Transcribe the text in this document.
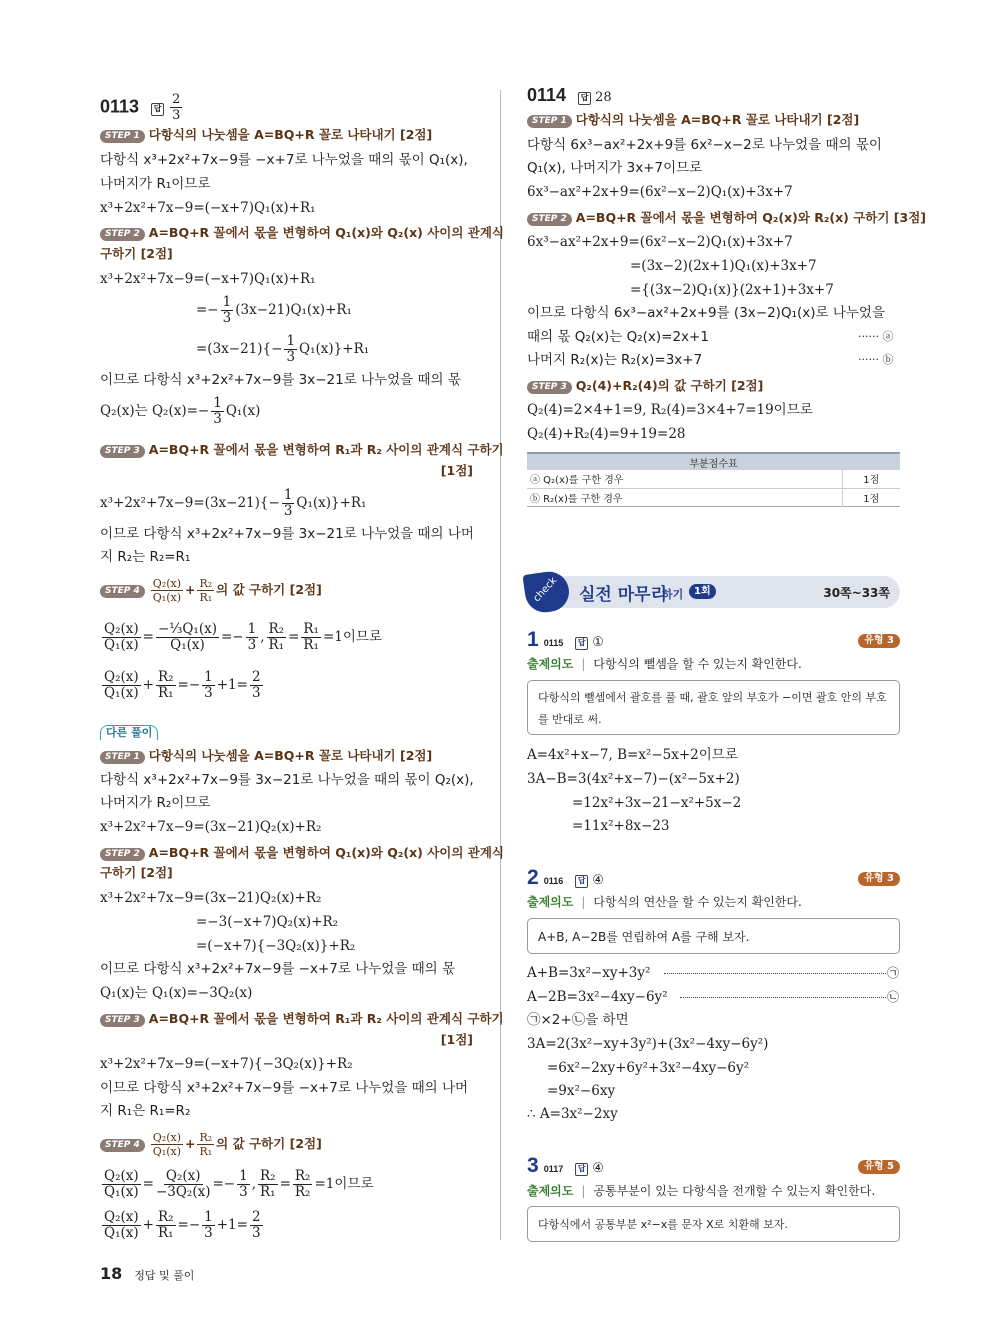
0113 답 $\frac{2}{3}$
STEP 1 다항식의 나눗셈을 A=BQ+R 꼴로 나타내기 [2점]
다항식 x³+2x²+7x−9를 −x+7로 나누었을 때의 몫이 Q₁(x),
나머지가 R₁이므로
x³+2x²+7x−9=(−x+7)Q₁(x)+R₁
STEP 2 A=BQ+R 꼴에서 몫을 변형하여 Q₁(x)와 Q₂(x) 사이의 관계식
구하기 [2점]
x³+2x²+7x−9=(−x+7)Q₁(x)+R₁
=− $\frac{1}{3} (3x-21)Q_1(x)+R_1$
$=(3x-21)\{- \frac{1}{3} Q_1(x)\}+R_1$
이므로 다항식 x³+2x²+7x−9를 3x−21로 나누었을 때의 몫
Q₂(x)는 $Q_2(x)=- \frac{1}{3} Q_1(x)$
STEP 3 A=BQ+R 꼴에서 몫을 변형하여 R₁과 R₂ 사이의 관계식 구하기
[1점]
$x^3+2x^2+7x-9=(3x-21)\{- \frac{1}{3} Q_1(x)\}+R_1$
이므로 다항식 x³+2x²+7x−9를 3x−21로 나누었을 때의 나머
지 R₂는 R₂=R₁
STEP $4 \frac{\text{Q₂(x)}}{\text{Q₁(x)}} + \frac{\text{R₂}}{\text{R₁}}$ 의 값 구하기 [2점]
$\frac{\text{Q₂(x)}}{\text{Q₁(x)}} = \frac{\text{−⅓Q₁(x)}}{\text{Q₁(x)}} =- \frac{1}{3}$ , $\frac{\text{R₂}}{\text{R₁}} = \frac{\text{R₁}}{\text{R₁}} =1$이므로
$\frac{\text{Q₂(x)}}{\text{Q₁(x)}} + \frac{\text{R₂}}{\text{R₁}} =- \frac{1}{3} +1= \frac{2}{3}$
다른 풀이
STEP 1 다항식의 나눗셈을 A=BQ+R 꼴로 나타내기 [2점]
다항식 x³+2x²+7x−9를 3x−21로 나누었을 때의 몫이 Q₂(x),
나머지가 R₂이므로
x³+2x²+7x−9=(3x−21)Q₂(x)+R₂
STEP 2 A=BQ+R 꼴에서 몫을 변형하여 Q₁(x)와 Q₂(x) 사이의 관계식
구하기 [2점]
x³+2x²+7x−9=(3x−21)Q₂(x)+R₂
=−3(−x+7)Q₂(x)+R₂
=(−x+7){−3Q₂(x)}+R₂
이므로 다항식 x³+2x²+7x−9를 −x+7로 나누었을 때의 몫
Q₁(x)는 Q₁(x)=−3Q₂(x)
STEP 3 A=BQ+R 꼴에서 몫을 변형하여 R₁과 R₂ 사이의 관계식 구하기
[1점]
x³+2x²+7x−9=(−x+7){−3Q₂(x)}+R₂
이므로 다항식 x³+2x²+7x−9를 −x+7로 나누었을 때의 나머
지 R₁은 R₁=R₂
STEP $4 \frac{\text{Q₂(x)}}{\text{Q₁(x)}} + \frac{\text{R₂}}{\text{R₁}}$ 의 값 구하기 [2점]
$\frac{\text{Q₂(x)}}{\text{Q₁(x)}} = \frac{\text{Q₂(x)}}{\text{−3Q₂(x)}} =- \frac{1}{3}$ , $\frac{\text{R₂}}{\text{R₁}} = \frac{\text{R₂}}{\text{R₂}} =1$이므로
$\frac{\text{Q₂(x)}}{\text{Q₁(x)}} + \frac{\text{R₂}}{\text{R₁}} =- \frac{1}{3} +1= \frac{2}{3}$
18 정답 및 풀이
0114 답 28
STEP 1 다항식의 나눗셈을 A=BQ+R 꼴로 나타내기 [2점]
다항식 6x³−ax²+2x+9를 6x²−x−2로 나누었을 때의 몫이
Q₁(x), 나머지가 3x+7이므로
6x³−ax²+2x+9=(6x²−x−2)Q₁(x)+3x+7
STEP 2 A=BQ+R 꼴에서 몫을 변형하여 Q₂(x)와 R₂(x) 구하기 [3점]
6x³−ax²+2x+9=(6x²−x−2)Q₁(x)+3x+7
=(3x−2)(2x+1)Q₁(x)+3x+7
={(3x−2)Q₁(x)}(2x+1)+3x+7
이므로 다항식 6x³−ax²+2x+9를 (3x−2)Q₁(x)로 나누었을
때의 몫 Q₂(x)는 Q₂(x)=2x+1	······ ⓐ
나머지 R₂(x)는 R₂(x)=3x+7	······ ⓑ
STEP 3 Q₂(4)+R₂(4)의 값 구하기 [2점]
Q₂(4)=2×4+1=9, R₂(4)=3×4+7=19이므로
Q₂(4)+R₂(4)=9+19=28
부분점수표	
ⓐ Q₂(x)를 구한 경우	1점
ⓑ R₂(x)를 구한 경우	1점
check 실전 마무리
하기	1회	30쪽~33쪽
1 0115 답 ①	유형 3
출제의도 | 다항식의 뺄셈을 할 수 있는지 확인한다.
다항식의 뺄셈에서 괄호를 풀 때, 괄호 앞의 부호가 −이면 괄호 안의 부호
를 반대로 써.
A=4x²+x−7, B=x²−5x+2이므로
3A−B=3(4x²+x−7)−(x²−5x+2)
=12x²+3x−21−x²+5x−2
=11x²+8x−23
2 0116 답 ④	유형 3
출제의도 | 다항식의 연산을 할 수 있는지 확인한다.
A+B, A−2B를 연립하여 A를 구해 보자.
A+B=3x²−xy+3y²	㉠
A−2B=3x²−4xy−6y²	㉡
㉠×2+㉡을 하면
3A=2(3x²−xy+3y²)+(3x²−4xy−6y²)
=6x²−2xy+6y²+3x²−4xy−6y²
=9x²−6xy
∴ A=3x²−2xy
3 0117 답 ④	유형 5
출제의도 | 공통부분이 있는 다항식을 전개할 수 있는지 확인한다.
다항식에서 공통부분 x²−x를 문자 X로 치환해 보자.
